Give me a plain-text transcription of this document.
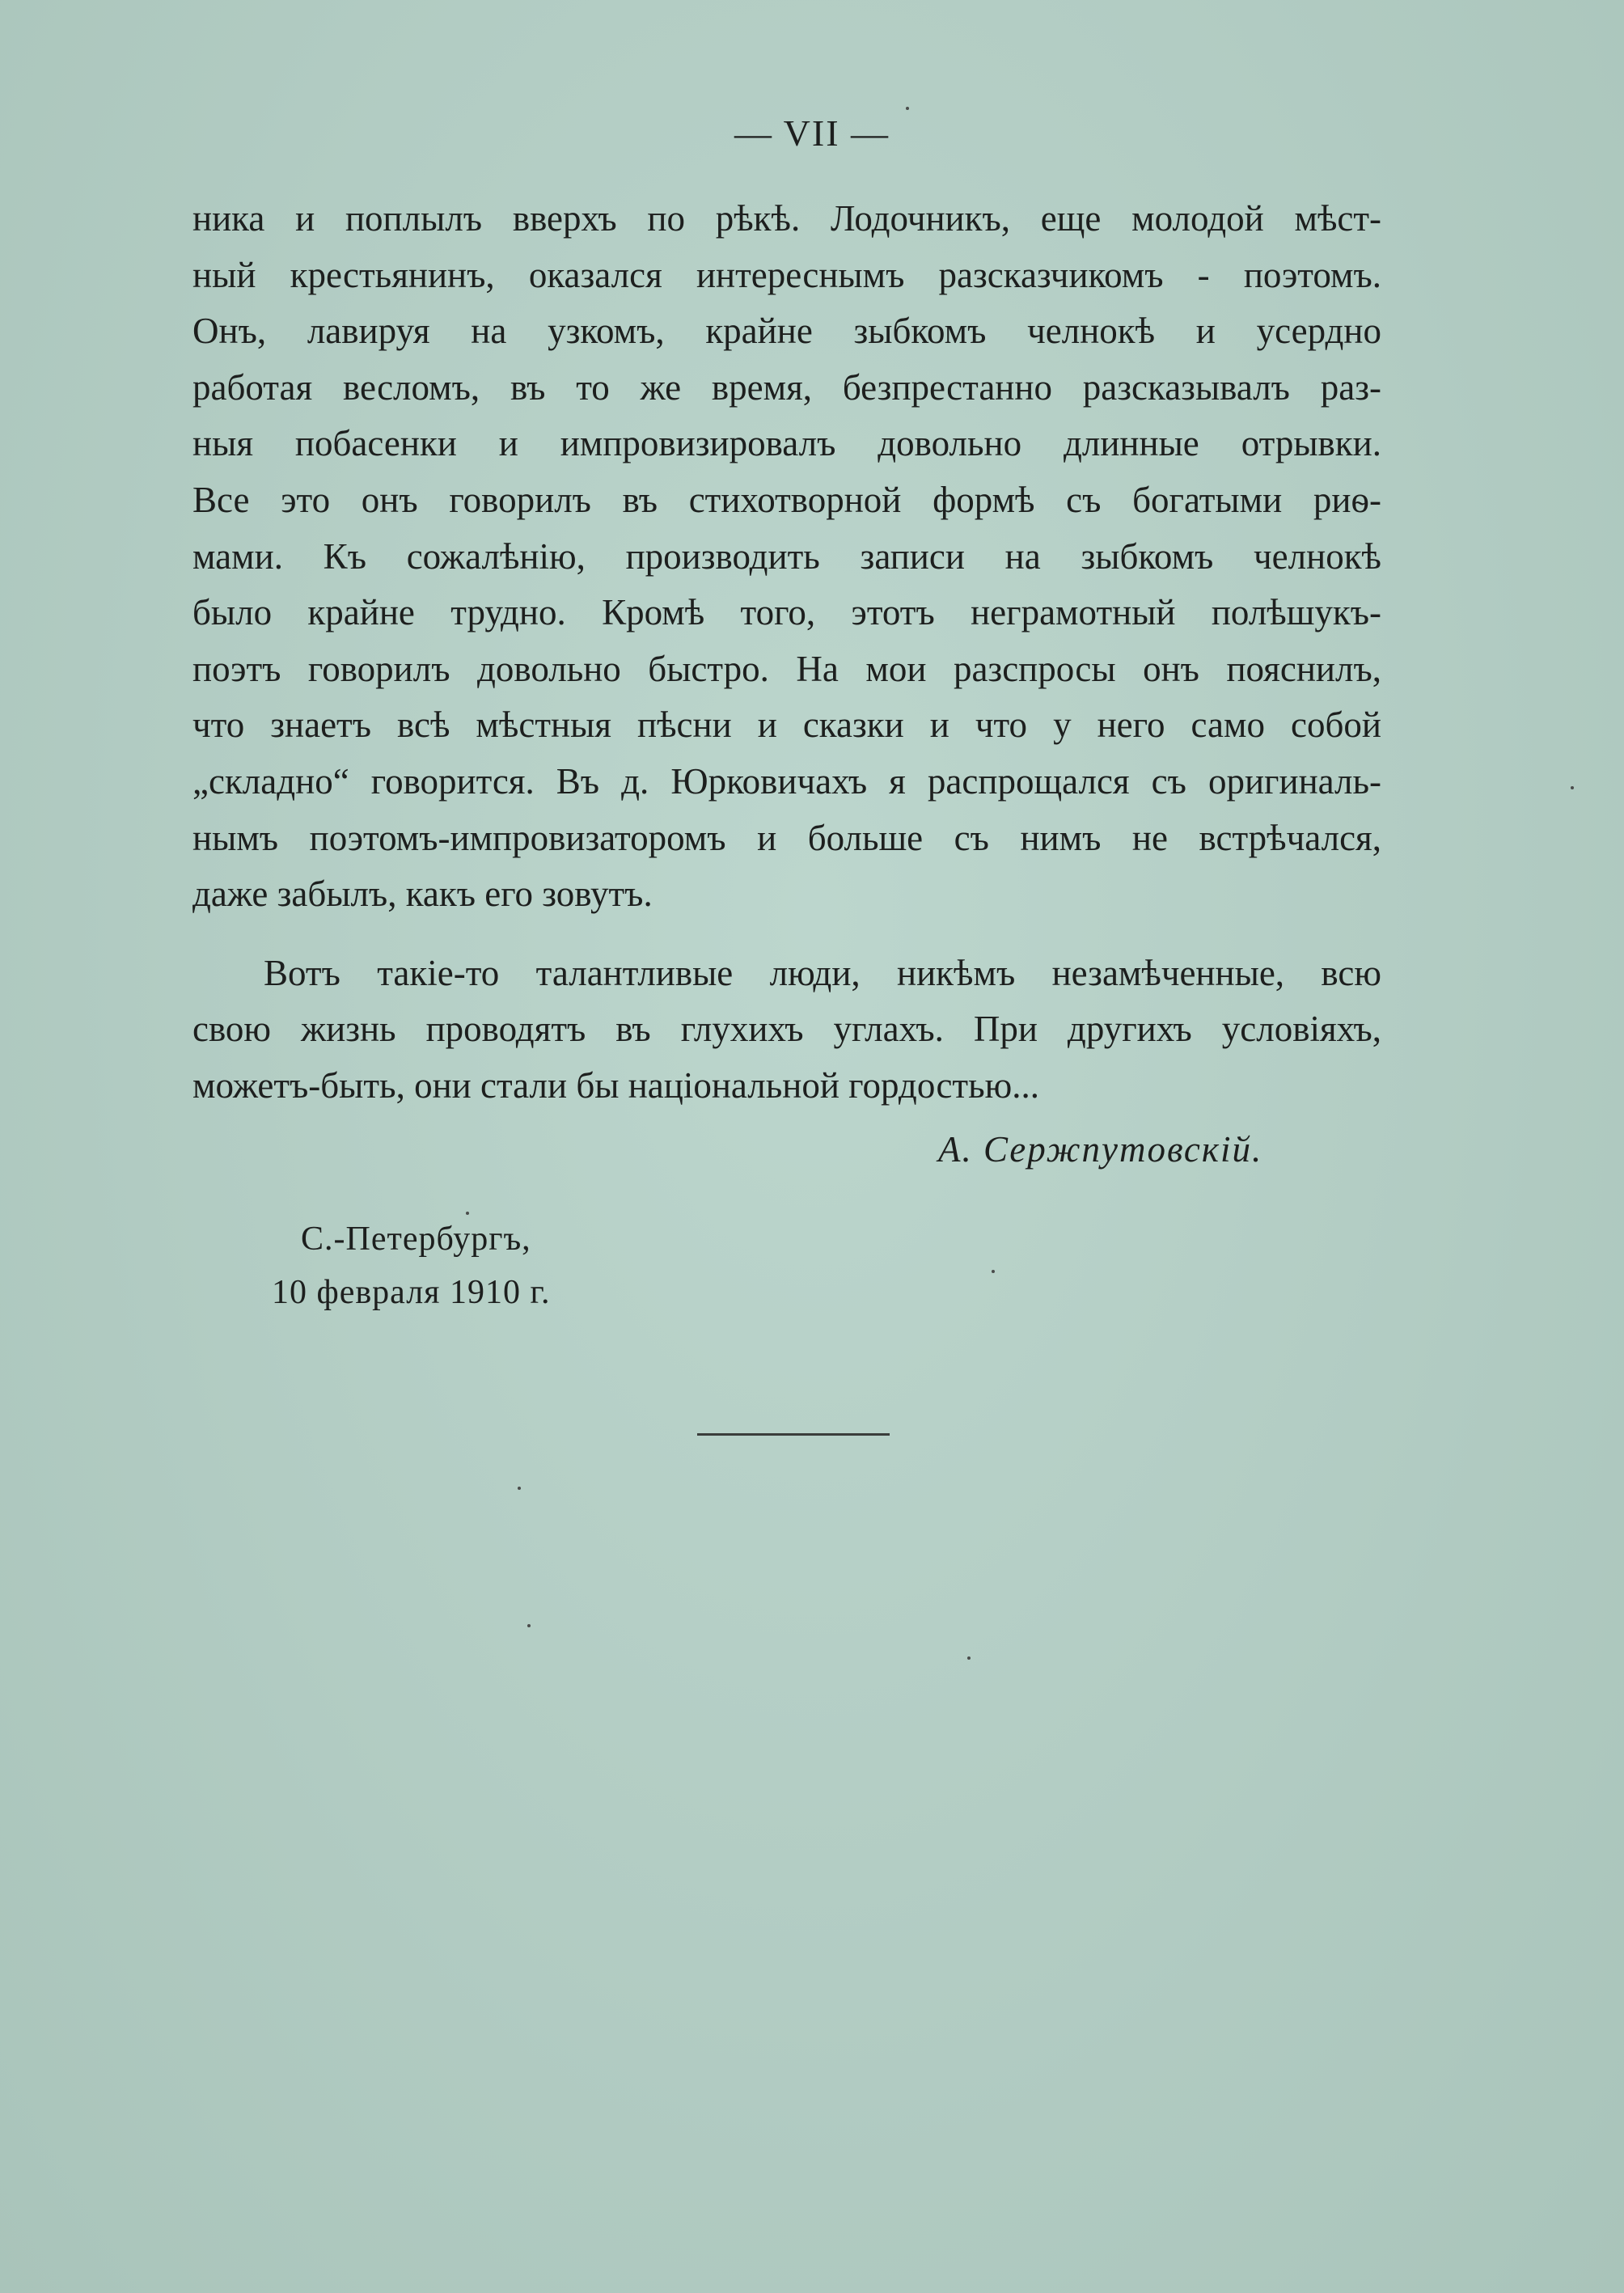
— VII —
ника и поплылъ вверхъ по рѣкѣ. Лодочникъ, еще молодой мѣст-
ный крестьянинъ, оказался интереснымъ разсказчикомъ - поэтомъ.
Онъ, лавируя на узкомъ, крайне зыбкомъ челнокѣ и усердно
работая весломъ, въ то же время, безпрестанно разсказывалъ раз-
ныя побасенки и импровизировалъ довольно длинные отрывки.
Все это онъ говорилъ въ стихотворной формѣ съ богатыми риѳ-
мами. Къ сожалѣнію, производить записи на зыбкомъ челнокѣ
было крайне трудно. Кромѣ того, этотъ неграмотный полѣшукъ-
поэтъ говорилъ довольно быстро. На мои разспросы онъ пояснилъ,
что знаетъ всѣ мѣстныя пѣсни и сказки и что у него само собой
„складно“ говорится. Въ д. Юрковичахъ я распрощался съ оригиналь-
нымъ поэтомъ-импровизаторомъ и больше съ нимъ не встрѣчался,
даже забылъ, какъ его зовутъ.
Вотъ такіе-то талантливые люди, никѣмъ незамѣченные, всю
свою жизнь проводятъ въ глухихъ углахъ. При другихъ условіяхъ,
можетъ-быть, они стали бы національной гордостью...
А. Сержпутовскій.
С.-Петербургъ,
10 февраля 1910 г.
